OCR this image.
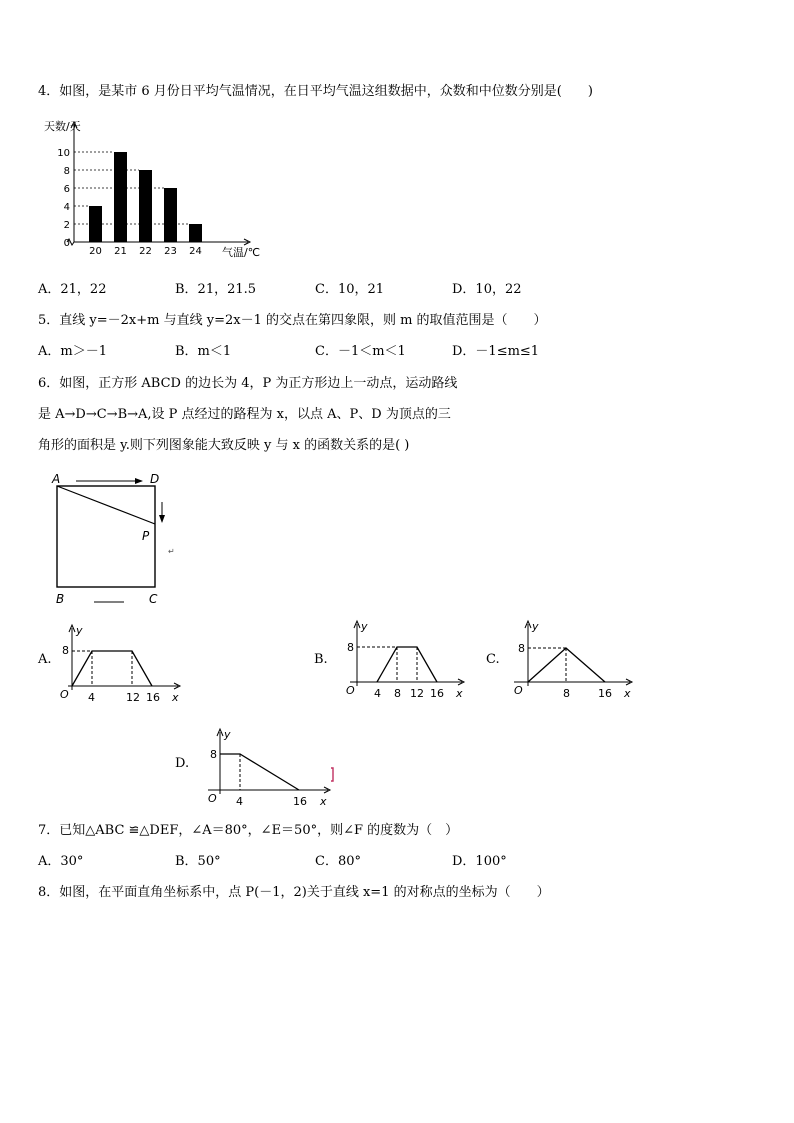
4．如图，是某市 6 月份日平均气温情况，在日平均气温这组数据中，众数和中位数分别是(　　)
0
2
4
6
8
10
20 21 22 23 24
天数/天
气温/℃
A．21，22	B．21，21.5	C．10，21	D．10，22
5．直线 y=－2x+m 与直线 y=2x－1 的交点在第四象限，则 m 的取值范围是（　　）
A．m＞－1	B．m＜1	C．－1＜m＜1	D．－1≤m≤1
6．如图，正方形 ABCD 的边长为 4，P 为正方形边上一动点，运动路线
是 A→D→C→B→A,设 P 点经过的路程为 x，以点 A、P、D 为顶点的三
角形的面积是 y.则下列图象能大致反映 y 与 x 的函数关系的是( )
A	D
P
B	C
↵
A.
y
8
O 4	12 16 x
B.
y
8
O 4 8 12 16 x
C.
y
8
O	8	16 x
D.
y
8
O 4	16 x
7．已知△ABC ≌△DEF，∠A＝80°，∠E＝50°，则∠F 的度数为（　）
A．30°	B．50°	C．80°	D．100°
8．如图，在平面直角坐标系中，点 P(－1，2)关于直线 x=1 的对称点的坐标为（　　）
